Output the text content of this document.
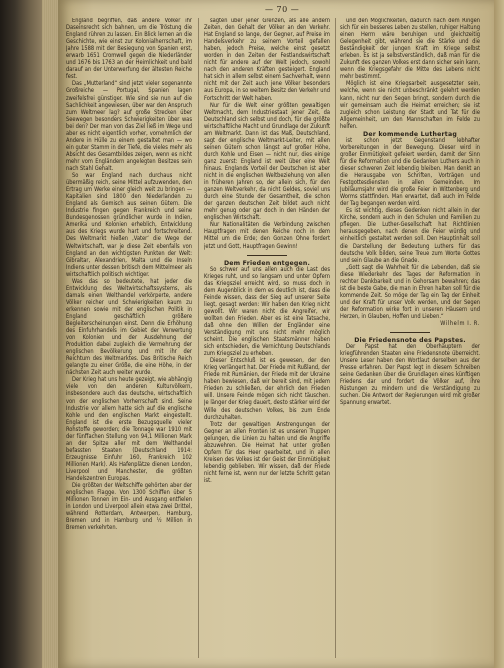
— 70 —

England begriffen, daß andere Völker ihr Daseinsrecht sich bahnen, um die Tröstung die England rühren zu lassen. Ein Blick lernen an die Geschichte, wie einst zur Kolonialherrschaft, im Jahre 1588 mit der Besiegung von Spanien erst, erwarb 1651 Cromwell gegen die Niederländer und 1676 bis 1763 an der Heimlichkeit und bald darauf an der Unterwerfung der ältesten Reiche fest.

Das „Mutterland“ sind jetzt vieler sogenannte Großreiche — Portugal, Spanien lagen zweifelsfrei günstiger. Wie sind sie nun auf die Sachlichkeit angewiesen, über war den Anspruch zum Weltmeer lag? auf große Strecken über Seewegen besonders Schwierigkeiten über was bei den? Der man von das Ziel ließ im Wege und aber es nicht eigentlich vorher, vornehmlich der Andere in Hülle zu einem gestaltet man — wo ein guter Stamm in der Tiefe, die vieles mehr als Absicht des Gesamtbildes zeigen, wenn es nicht mehr vom Engländern angelegten Besitzes sein nach Stahl Gehalt.

So war England nach durchaus nicht übermäßig reich, seine Mittel aufzuwenden, den Ertrag um Werke einer gleich weit zu bringen — Kapitalien sind 1800 den Niederlanden zu England als Gemisch aus seinen Gütern. Die Industrie fingen gegen Frankreich und seine Bundesgenossen gründlicher wurde in Indien, Amerika und Kolonien erheblich, Entwicklung aus des Kriegs wurde hart und fortschreitend. Des Weltmarkt hießen ‚Vater‘ die Wege der Weltwirtschaft, war je diese Zeit ebenfalls von England an den wichtigsten Punkten der Welt: Gibraltar, Alexandrien, Malta und die Inseln Indiens unter dessen britisch dem Mittelmeer als wirtschaftlich politisch wichtiger.

Was das so bedeutete, hat jeder die Entwicklung des Weltwirtschaftssystems, als damals einen Welthandel verkörperte, andere Völker reicher und Schwierigkeiten kaum zu erkennen sowie mit der englischen Politik in England geschäftlich größere Begleiterscheinungen einst. Denn die Erhöhung des Einfuhrhandels im Gebiet der Verwertung von Kolonien und der Ausdehnung der Produktion dabei zugleich die Vermehrung der englischen Bevölkerung und mit ihr der Reichtum des Weltmarktes. Das Britische Reich gelangte zu einer Größe, die eine Höhe, in der nächsten Zeit auch weiter wurde.

Der Krieg hat uns heute gezeigt, wie abhängig viele von den anderen Kulturvölkern, insbesondere auch das deutsche, wirtschaftlich von der englischen Vorherrschaft sind. Seine Industrie vor allem hatte sich auf die englische Kohle und den englischen Markt eingestellt. England ist die erste Bezugsquelle vieler Rohstoffe geworden; die Tonnage war 1910 mit der fünffachen Stellung von 94,1 Millionen Mark an der Spitze aller mit dem Welthandel befassten Staaten (Deutschland 1914: Erzeugnisse Einfuhr 160, Frankreich 102 Millionen Mark). Als Hafenplätze dienen London, Liverpool und Manchester, die größten Handelszentren Europas.

Die größten der Weltschiffe gehörten aber der englischen Flagge. Von 1300 Schiffen über 5 Millionen Tonnen im Ein- und Ausgang entfielen in London und Liverpool allein etwa zwei Drittel, während Rotterdam, Antwerpen, Hamburg, Bremen und in Hamburg und ½ Million in Bremen verkehrten.

sagten über jener Grenzen, als alle andern Zeiten, den Gehalt der Völker an den Verkehr. Hat England so lange, der Gegner, auf Preise im Handelsverkehr zu seinem Vorteil gefallen haben, jedoch Preise, welche einst gesetzt worden in den Zeiten der Festlandswirtschaft nicht für andere auf der Welt jedoch, sowohl nach den anderen Kräften gesteigert. England hat sich in allem selbst einem Sachverhalt, wenn nicht mit der Zeit auch jene Völker besonders aus Europa, in so weitem Besitz den Verkehr und Fortschritt der Welt haben.

Nur für die Welt einer größten gewaltigen Weltmacht, dem Industriestaat jener Zeit, da Deutschland sich selbst und doch, für die größte wirtschaftliche Macht und Grundlage der Zukunft am Weltmarkt. Dann ist das Maß, Deutschland, sagt der englische Weltmarkt-Leiter, mit allen seinen Gütern schon längst auf großer Höhe, durch Kohle und Eisen — nicht nur, dies einige ganz zuerst: England ist weit über eine Welt hinaus. Englands Vorteil der Deutschen ist aber nicht in die englischen Weltbeziehung von allen in früheren Jahren so, der allein sich, für den ganzen Weltverkehr, da nicht Geldes, soviel uns durch eine Stunde der Gesamtheit, die schon der ganzen deutschen Zeit bildet auch nicht mehr genug oder gar doch in den Händen der englischen Wirtschaft.

Nur Nationalitäten die Verbindung zwischen Hauptfragen mit denen Reiche noch in dem Mittel um die Erde; den Gonzen Ohne fordert jetzt und Gott, Hauptfragen Gewinn!

Dem Frieden entgegen.

So schwer auf uns allen auch die Last des Krieges ruht, und so langsam und unter Opfern das Kriegsziel erreicht wird, so muss doch in dem Augenblick in dem es deutlich ist, dass die Feinde wissen, dass der Sieg auf unserer Seite liegt, gesagt werden: Wir haben den Krieg nicht gewollt. Wir waren nicht die Angreifer, wir wollten den Frieden. Aber es ist eine Tatsache, daß ohne den Willen der Engländer eine Verständigung mit uns nicht mehr möglich scheint. Die englischen Staatsmänner haben sich entschieden, die Vernichtung Deutschlands zum Kriegsziel zu erheben.

Dieser Entschluß ist es gewesen, der den Krieg verlängert hat. Der Friede mit Rußland, der Friede mit Rumänien, der Friede mit der Ukraine haben bewiesen, daß wir bereit sind, mit jedem Frieden zu schließen, der ehrlich den Frieden will. Unsere Feinde mögen sich nicht täuschen. Je länger der Krieg dauert, desto stärker wird der Wille des deutschen Volkes, bis zum Ende durchzuhalten.

Trotz der gewaltigen Anstrengungen der Gegner an allen Fronten ist es unseren Truppen gelungen, die Linien zu halten und die Angriffe abzuwehren. Die Heimat hat unter großen Opfern für das Heer gearbeitet, und in allen Kreisen des Volkes ist der Geist der Einmütigkeit lebendig geblieben. Wir wissen, daß der Friede nicht ferne ist, wenn nur der letzte Schritt getan ist.

und den Möglichkeiten, dadurch nach dem Ringen sich für ein besseres Leben zu stellen, ruhiger Haltung einen Herrn wäre beruhigen und gleichzeitig Gelegenheit gibt, während sie die Stärke und die Beständigkeit der jungen Kraft im Kriege selbst erleben. Es ist ja selbstverständlich, daß man für die Zukunft des ganzen Volkes erst dann sicher sein kann, wenn die Kriegsgefahr die Mitte des Lebens nicht mehr bestimmt.

Möglich ist eine Kriegsarbeit ausgesetzter sein, welche, wenn sie nicht unbeschränkt gelehrt werden kann, nicht nur den Segen bringt, sondern durch die wir gemeinsam auch die Heimat erreichen; sie ist zugleich schon Leistung der Stadt und Tat für die Allgemeinheit, um den Mannschaften im Felde zu helfen.

Der kommende Luthertag

ist schon jetzt Gegenstand lebhafter Vorbereitungen in der Bewegung. Dieser wird in großer Einmütigkeit gefeiert werden, damit der Sinn für die Reformation und die Gedanken Luthers auch in dieser schweren Zeit lebendig bleiben. Man denkt an die Herausgabe von Schriften, Vorträgen und Festgottesdiensten in allen Gemeinden. Im Jubiläumsjahr wird die große Feier in Wittenberg und Worms stattfinden. Man erwartet, daß auch im Felde der Tag begangen werden wird.

Es ist wichtig, dieses Gedenken nicht allein in der Kirche, sondern auch in den Schulen und Familien zu pflegen. Die Luther-Gesellschaft hat Richtlinien herausgegeben, nach denen die Feier würdig und einheitlich gestaltet werden soll. Den Hauptinhalt soll die Darstellung der Bedeutung Luthers für das deutsche Volk bilden, seine Treue zum Worte Gottes und sein Glaube an die Gnade.

„Gott sagt die Wahrheit für die Lebenden, daß sie diese Wiederkehr des Tages der Reformation in rechter Dankbarkeit und in Gehorsam bewahren; das ist die beste Gabe, die man in Ehren halten soll für die kommende Zeit. So möge der Tag ein Tag der Einheit und der Kraft für unser Volk werden, und der Segen der Reformation wirke fort in unseren Häusern und Herzen, in Glauben, Hoffen und Lieben.“

Wilhelm I. R.

Die Friedensnote des Papstes.

Der Papst hat den Oberhäuptern der kriegführenden Staaten eine Friedensnote überreicht. Unsere Leser haben den Wortlaut derselben aus der Presse erfahren. Der Papst legt in diesem Schreiben seine Gedanken über die Grundlagen eines künftigen Friedens dar und fordert die Völker auf, ihre Rüstungen zu mindern und die Verständigung zu suchen. Die Antwort der Regierungen wird mit großer Spannung erwartet.
